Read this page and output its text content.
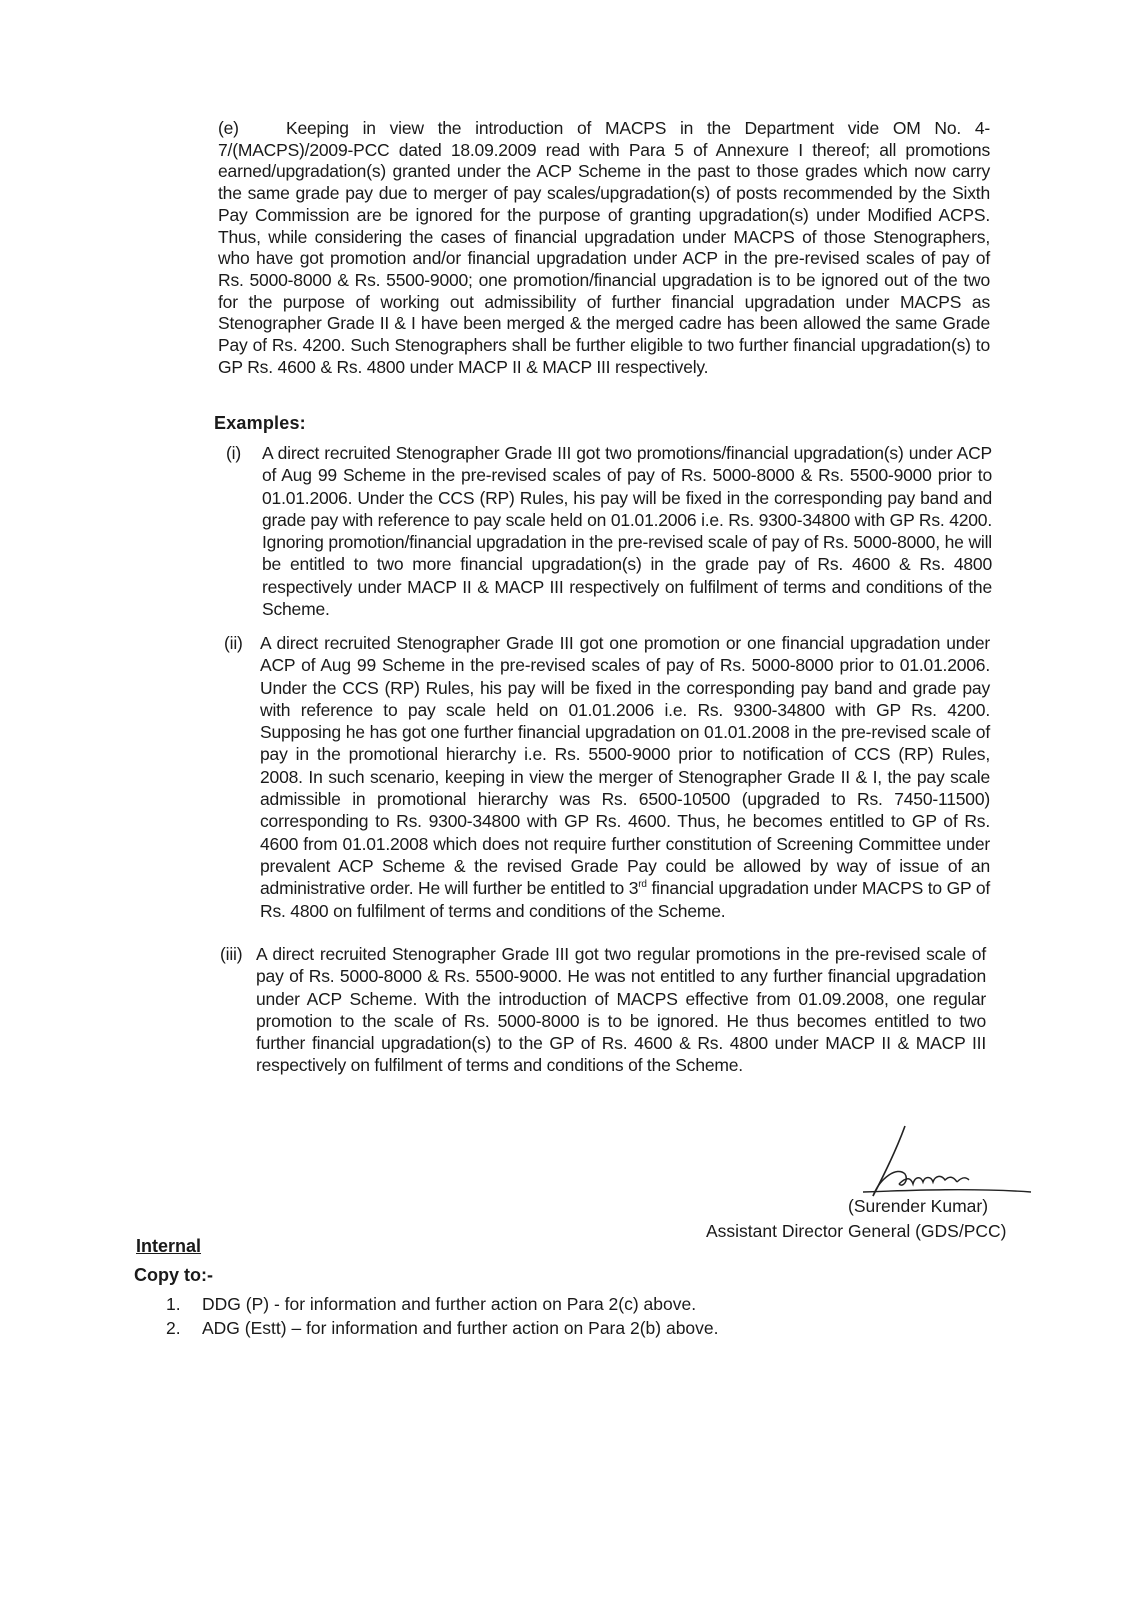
(e)	Keeping in view the introduction of MACPS in the Department vide OM No. 4-7/(MACPS)/2009-PCC dated 18.09.2009 read with Para 5 of Annexure I thereof; all promotions earned/upgradation(s) granted under the ACP Scheme in the past to those grades which now carry the same grade pay due to merger of pay scales/upgradation(s) of posts recommended by the Sixth Pay Commission are be ignored for the purpose of granting upgradation(s) under Modified ACPS. Thus, while considering the cases of financial upgradation under MACPS of those Stenographers, who have got promotion and/or financial upgradation under ACP in the pre-revised scales of pay of Rs. 5000-8000 & Rs. 5500-9000; one promotion/financial upgradation is to be ignored out of the two for the purpose of working out admissibility of further financial upgradation under MACPS as Stenographer Grade II & I have been merged & the merged cadre has been allowed the same Grade Pay of Rs. 4200. Such Stenographers shall be further eligible to two further financial upgradation(s) to GP Rs. 4600 & Rs. 4800 under MACP II & MACP III respectively.
Examples:
(i) A direct recruited Stenographer Grade III got two promotions/financial upgradation(s) under ACP of Aug 99 Scheme in the pre-revised scales of pay of Rs. 5000-8000 & Rs. 5500-9000 prior to 01.01.2006. Under the CCS (RP) Rules, his pay will be fixed in the corresponding pay band and grade pay with reference to pay scale held on 01.01.2006 i.e. Rs. 9300-34800 with GP Rs. 4200. Ignoring promotion/financial upgradation in the pre-revised scale of pay of Rs. 5000-8000, he will be entitled to two more financial upgradation(s) in the grade pay of Rs. 4600 & Rs. 4800 respectively under MACP II & MACP III respectively on fulfilment of terms and conditions of the Scheme.
(ii) A direct recruited Stenographer Grade III got one promotion or one financial upgradation under ACP of Aug 99 Scheme in the pre-revised scales of pay of Rs. 5000-8000 prior to 01.01.2006. Under the CCS (RP) Rules, his pay will be fixed in the corresponding pay band and grade pay with reference to pay scale held on 01.01.2006 i.e. Rs. 9300-34800 with GP Rs. 4200. Supposing he has got one further financial upgradation on 01.01.2008 in the pre-revised scale of pay in the promotional hierarchy i.e. Rs. 5500-9000 prior to notification of CCS (RP) Rules, 2008. In such scenario, keeping in view the merger of Stenographer Grade II & I, the pay scale admissible in promotional hierarchy was Rs. 6500-10500 (upgraded to Rs. 7450-11500) corresponding to Rs. 9300-34800 with GP Rs. 4600. Thus, he becomes entitled to GP of Rs. 4600 from 01.01.2008 which does not require further constitution of Screening Committee under prevalent ACP Scheme & the revised Grade Pay could be allowed by way of issue of an administrative order. He will further be entitled to 3rd financial upgradation under MACPS to GP of Rs. 4800 on fulfilment of terms and conditions of the Scheme.
(iii) A direct recruited Stenographer Grade III got two regular promotions in the pre-revised scale of pay of Rs. 5000-8000 & Rs. 5500-9000. He was not entitled to any further financial upgradation under ACP Scheme. With the introduction of MACPS effective from 01.09.2008, one regular promotion to the scale of Rs. 5000-8000 is to be ignored. He thus becomes entitled to two further financial upgradation(s) to the GP of Rs. 4600 & Rs. 4800 under MACP II & MACP III respectively on fulfilment of terms and conditions of the Scheme.
(Surender Kumar)
Assistant Director General (GDS/PCC)
Internal
Copy to:-
1. DDG (P) - for information and further action on Para 2(c) above.
2. ADG (Estt) – for information and further action on Para 2(b) above.
